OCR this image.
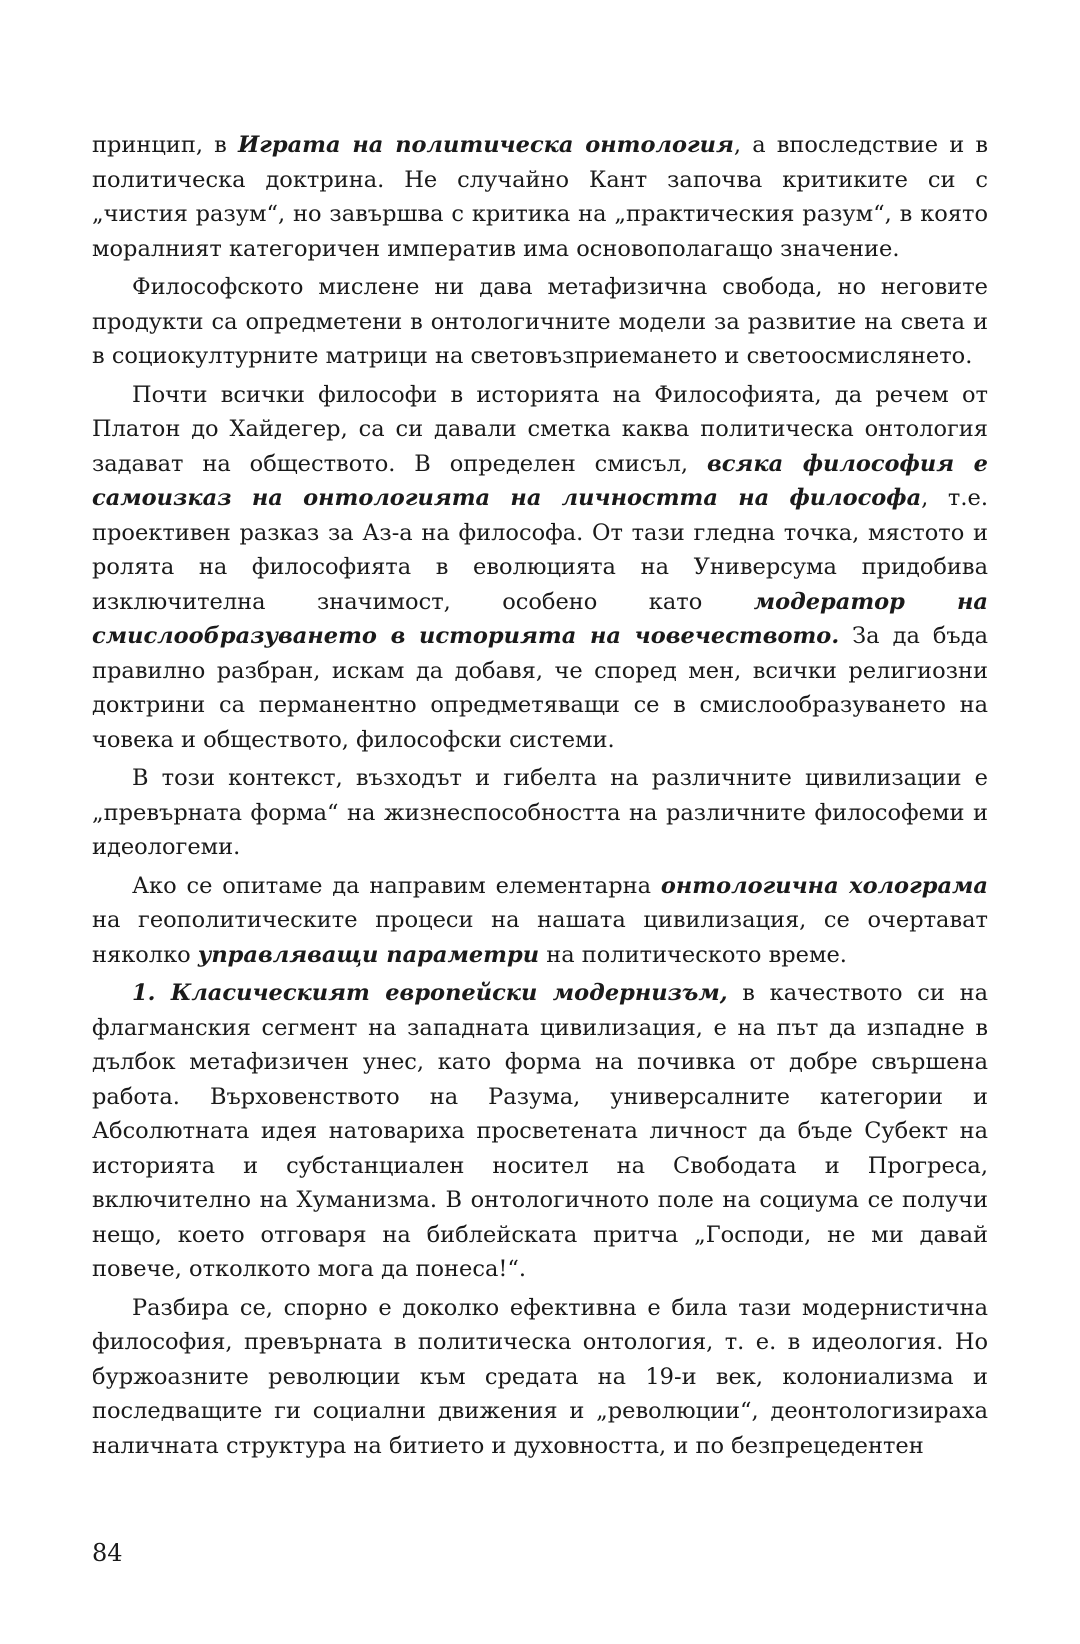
принцип, в Играта на политическа онтология, а впоследствие и в политическа доктрина. Не случайно Кант започва критиките си с „чистия разум“, но завършва с критика на „практическия разум“, в която моралният категоричен императив има основополагащо значение.

Философското мислене ни дава метафизична свобода, но неговите продукти са опредметени в онтологичните модели за развитие на света и в социокултурните матрици на световъзприемането и светоосмислянето.

Почти всички философи в историята на Философията, да речем от Платон до Хайдегер, са си давали сметка каква политическа онтология задават на обществото. В определен смисъл, всяка философия е самоизказ на онтологията на личността на философа, т.е. проективен разказ за Аз-а на философа. От тази гледна точка, мястото и ролята на философията в еволюцията на Универсума придобива изключителна значимост, особено като модератор на смислообразуването в историята на човечеството. За да бъда правилно разбран, искам да добавя, че според мен, всички религиозни доктрини са перманентно опредметяващи се в смислообразуването на човека и обществото, философски системи.

В този контекст, възходът и гибелта на различните цивилизации е „превърната форма“ на жизнеспособността на различните философеми и идеологеми.

Ако се опитаме да направим елементарна онтологична холограма на геополитическите процеси на нашата цивилизация, се очертават няколко управляващи параметри на политическото време.

1. Класическият европейски модернизъм, в качеството си на флагманския сегмент на западната цивилизация, е на път да изпадне в дълбок метафизичен унес, като форма на почивка от добре свършена работа. Върховенството на Разума, универсалните категории и Абсолютната идея натовариха просветената личност да бъде Субект на историята и субстанциален носител на Свободата и Прогреса, включително на Хуманизма. В онтологичното поле на социума се получи нещо, което отговаря на библейската притча „Господи, не ми давай повече, отколкото мога да понеса!“.

Разбира се, спорно е доколко ефективна е била тази модернистична философия, превърната в политическа онтология, т. е. в идеология. Но буржоазните революции към средата на 19-и век, колониализма и последващите ги социални движения и „революции“, деонтологизираха наличната структура на битието и духовността, и по безпрецедентен

84
